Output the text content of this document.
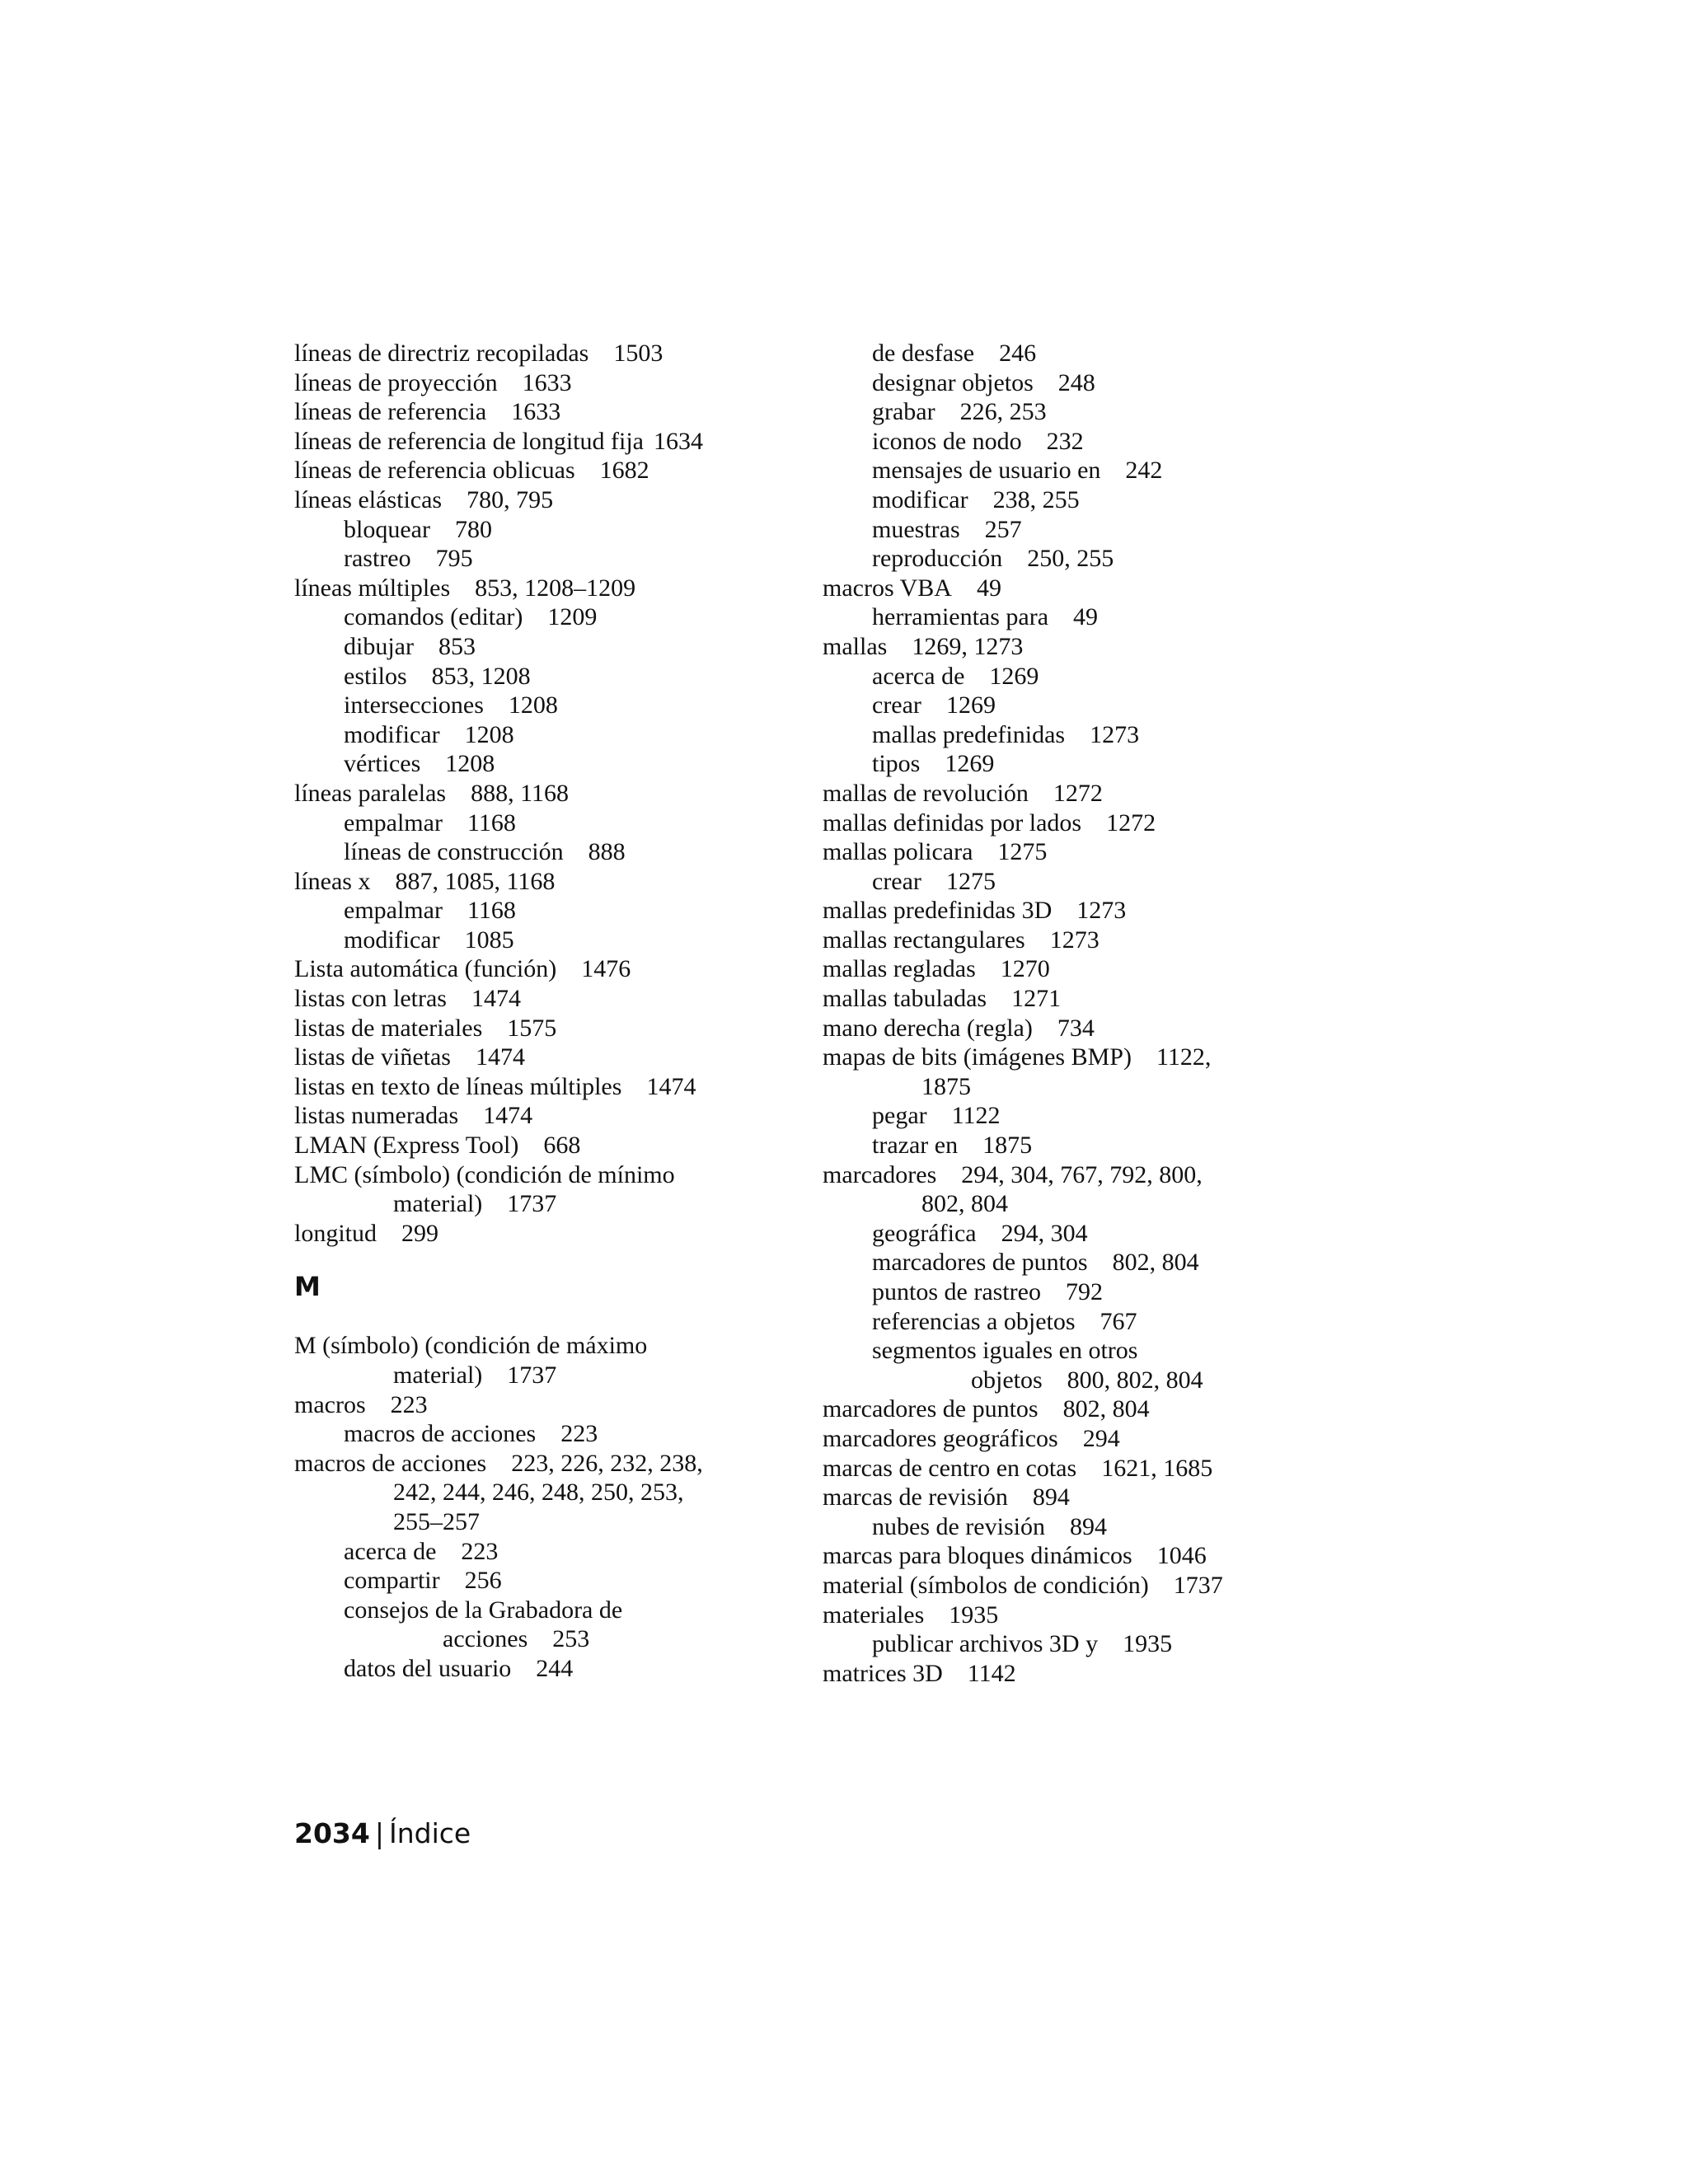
líneas de directriz recopiladas 1503
líneas de proyección 1633
líneas de referencia 1633
líneas de referencia de longitud fija 1634
líneas de referencia oblicuas 1682
líneas elásticas 780, 795
bloquear 780
rastreo 795
líneas múltiples 853, 1208–1209
comandos (editar) 1209
dibujar 853
estilos 853, 1208
intersecciones 1208
modificar 1208
vértices 1208
líneas paralelas 888, 1168
empalmar 1168
líneas de construcción 888
líneas x 887, 1085, 1168
empalmar 1168
modificar 1085
Lista automática (función) 1476
listas con letras 1474
listas de materiales 1575
listas de viñetas 1474
listas en texto de líneas múltiples 1474
listas numeradas 1474
LMAN (Express Tool) 668
LMC (símbolo) (condición de mínimo
material) 1737
longitud 299
M
M (símbolo) (condición de máximo
material) 1737
macros 223
macros de acciones 223
macros de acciones 223, 226, 232, 238,
242, 244, 246, 248, 250, 253,
255–257
acerca de 223
compartir 256
consejos de la Grabadora de
acciones 253
datos del usuario 244
de desfase 246
designar objetos 248
grabar 226, 253
iconos de nodo 232
mensajes de usuario en 242
modificar 238, 255
muestras 257
reproducción 250, 255
macros VBA 49
herramientas para 49
mallas 1269, 1273
acerca de 1269
crear 1269
mallas predefinidas 1273
tipos 1269
mallas de revolución 1272
mallas definidas por lados 1272
mallas policara 1275
crear 1275
mallas predefinidas 3D 1273
mallas rectangulares 1273
mallas regladas 1270
mallas tabuladas 1271
mano derecha (regla) 734
mapas de bits (imágenes BMP) 1122,
1875
pegar 1122
trazar en 1875
marcadores 294, 304, 767, 792, 800,
802, 804
geográfica 294, 304
marcadores de puntos 802, 804
puntos de rastreo 792
referencias a objetos 767
segmentos iguales en otros
objetos 800, 802, 804
marcadores de puntos 802, 804
marcadores geográficos 294
marcas de centro en cotas 1621, 1685
marcas de revisión 894
nubes de revisión 894
marcas para bloques dinámicos 1046
material (símbolos de condición) 1737
materiales 1935
publicar archivos 3D y 1935
matrices 3D 1142
2034 | Índice
